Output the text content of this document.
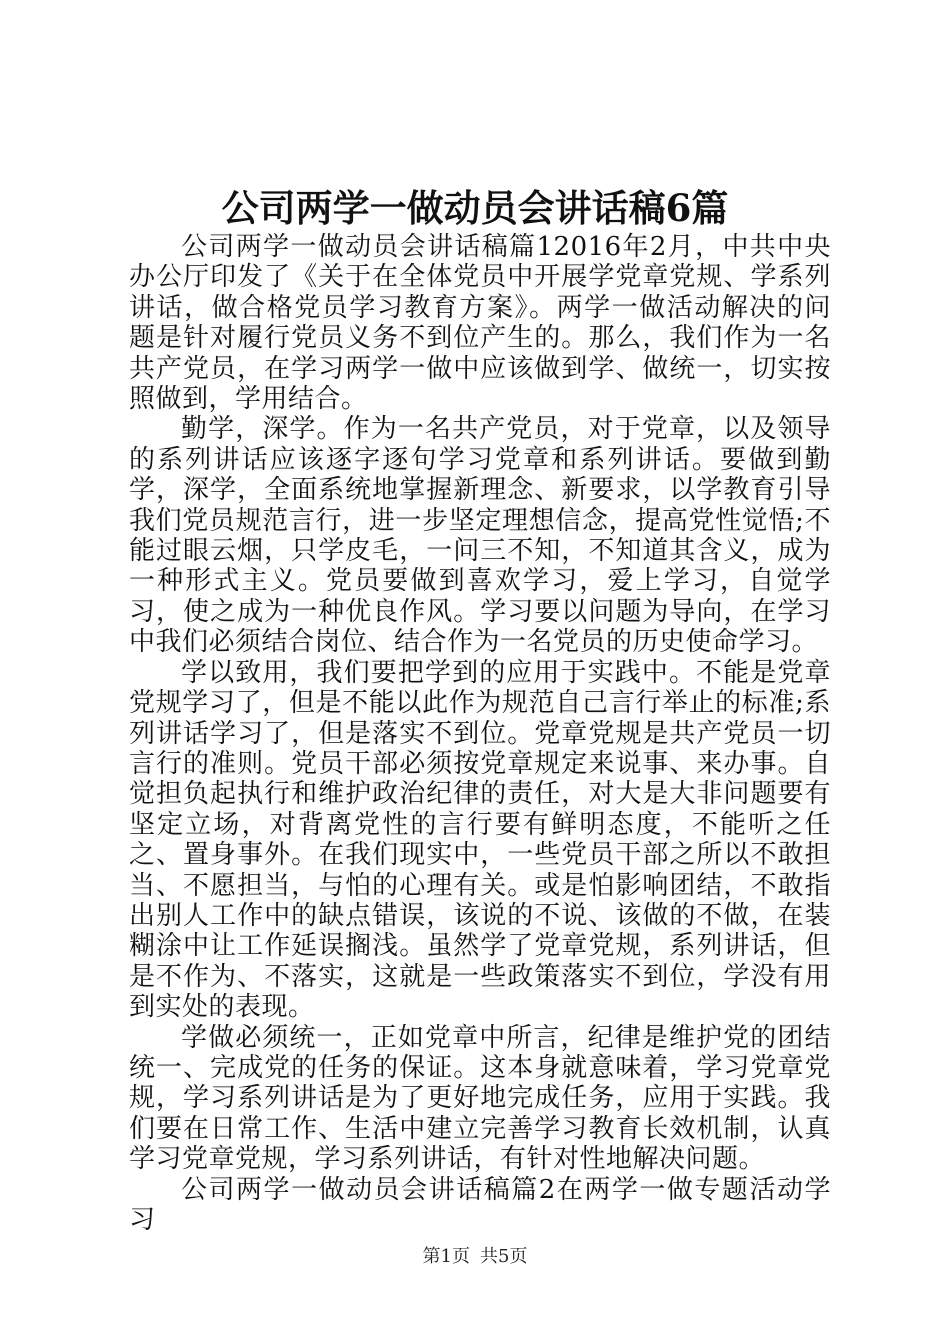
公司两学一做动员会讲话稿6篇

公司两学一做动员会讲话稿篇12016年2月，中共中央办公厅印发了《关于在全体党员中开展学党章党规、学系列讲话，做合格党员学习教育方案》。两学一做活动解决的问题是针对履行党员义务不到位产生的。那么，我们作为一名共产党员，在学习两学一做中应该做到学、做统一，切实按照做到，学用结合。

勤学，深学。作为一名共产党员，对于党章，以及领导的系列讲话应该逐字逐句学习党章和系列讲话。要做到勤学，深学，全面系统地掌握新理念、新要求，以学教育引导我们党员规范言行，进一步坚定理想信念，提高党性觉悟;不能过眼云烟，只学皮毛，一问三不知，不知道其含义，成为一种形式主义。党员要做到喜欢学习，爱上学习，自觉学习，使之成为一种优良作风。学习要以问题为导向，在学习中我们必须结合岗位、结合作为一名党员的历史使命学习。

学以致用，我们要把学到的应用于实践中。不能是党章党规学习了，但是不能以此作为规范自己言行举止的标准;系列讲话学习了，但是落实不到位。党章党规是共产党员一切言行的准则。党员干部必须按党章规定来说事、来办事。自觉担负起执行和维护政治纪律的责任，对大是大非问题要有坚定立场，对背离党性的言行要有鲜明态度，不能听之任之、置身事外。在我们现实中，一些党员干部之所以不敢担当、不愿担当，与怕的心理有关。或是怕影响团结，不敢指出别人工作中的缺点错误，该说的不说、该做的不做，在装糊涂中让工作延误搁浅。虽然学了党章党规，系列讲话，但是不作为、不落实，这就是一些政策落实不到位，学没有用到实处的表现。

学做必须统一，正如党章中所言，纪律是维护党的团结统一、完成党的任务的保证。这本身就意味着，学习党章党规，学习系列讲话是为了更好地完成任务，应用于实践。我们要在日常工作、生活中建立完善学习教育长效机制，认真学习党章党规，学习系列讲话，有针对性地解决问题。

公司两学一做动员会讲话稿篇2在两学一做专题活动学习

第1页 共5页
